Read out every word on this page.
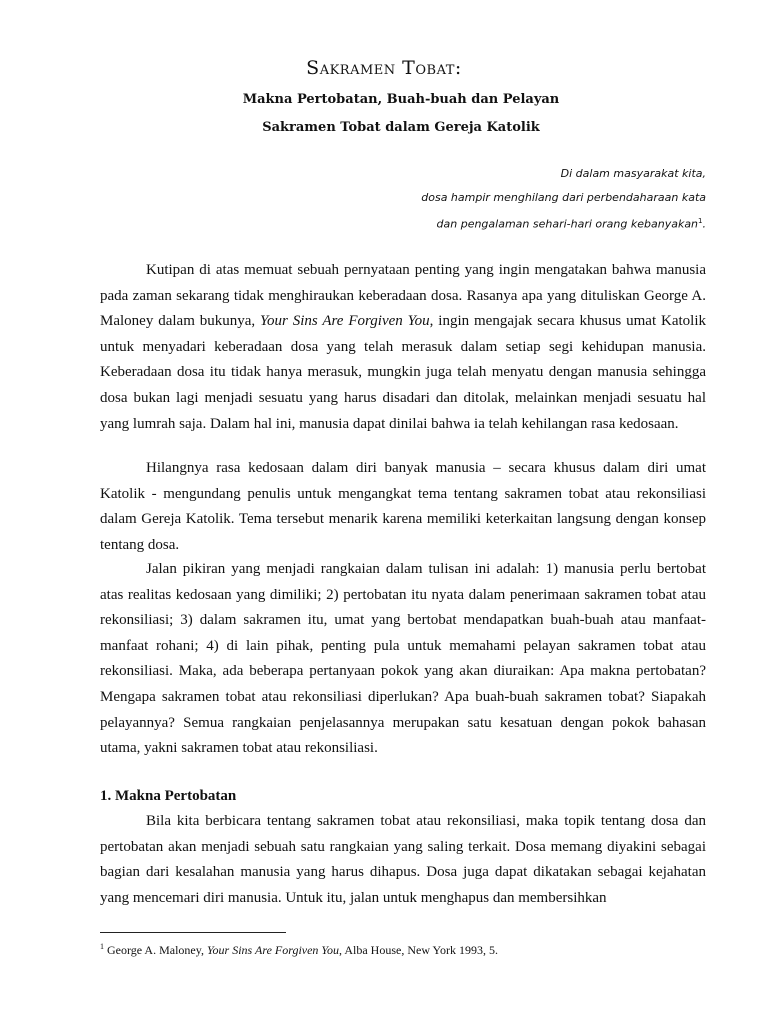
Sakramen Tobat:
Makna Pertobatan, Buah-buah dan Pelayan
Sakramen Tobat dalam Gereja Katolik
Di dalam masyarakat kita,
dosa hampir menghilang dari perbendaharaan kata
dan pengalaman sehari-hari orang kebanyakan$^1$.

Kutipan di atas memuat sebuah pernyataan penting yang ingin mengatakan bahwa manusia pada zaman sekarang tidak menghiraukan keberadaan dosa. Rasanya apa yang dituliskan George A. Maloney dalam bukunya, Your Sins Are Forgiven You, ingin mengajak secara khusus umat Katolik untuk menyadari keberadaan dosa yang telah merasuk dalam setiap segi kehidupan manusia. Keberadaan dosa itu tidak hanya merasuk, mungkin juga telah menyatu dengan manusia sehingga dosa bukan lagi menjadi sesuatu yang harus disadari dan ditolak, melainkan menjadi sesuatu hal yang lumrah saja. Dalam hal ini, manusia dapat dinilai bahwa ia telah kehilangan rasa kedosaan.

Hilangnya rasa kedosaan dalam diri banyak manusia – secara khusus dalam diri umat Katolik - mengundang penulis untuk mengangkat tema tentang sakramen tobat atau rekonsiliasi dalam Gereja Katolik. Tema tersebut menarik karena memiliki keterkaitan langsung dengan konsep tentang dosa.

Jalan pikiran yang menjadi rangkaian dalam tulisan ini adalah: 1) manusia perlu bertobat atas realitas kedosaan yang dimiliki; 2) pertobatan itu nyata dalam penerimaan sakramen tobat atau rekonsiliasi; 3) dalam sakramen itu, umat yang bertobat mendapatkan buah-buah atau manfaat-manfaat rohani; 4) di lain pihak, penting pula untuk memahami pelayan sakramen tobat atau rekonsiliasi. Maka, ada beberapa pertanyaan pokok yang akan diuraikan: Apa makna pertobatan? Mengapa sakramen tobat atau rekonsiliasi diperlukan? Apa buah-buah sakramen tobat? Siapakah pelayannya? Semua rangkaian penjelasannya merupakan satu kesatuan dengan pokok bahasan utama, yakni sakramen tobat atau rekonsiliasi.

1. Makna Pertobatan

Bila kita berbicara tentang sakramen tobat atau rekonsiliasi, maka topik tentang dosa dan pertobatan akan menjadi sebuah satu rangkaian yang saling terkait. Dosa memang diyakini sebagai bagian dari kesalahan manusia yang harus dihapus. Dosa juga dapat dikatakan sebagai kejahatan yang mencemari diri manusia. Untuk itu, jalan untuk menghapus dan membersihkan

$^1$ George A. Maloney, Your Sins Are Forgiven You, Alba House, New York 1993, 5.
